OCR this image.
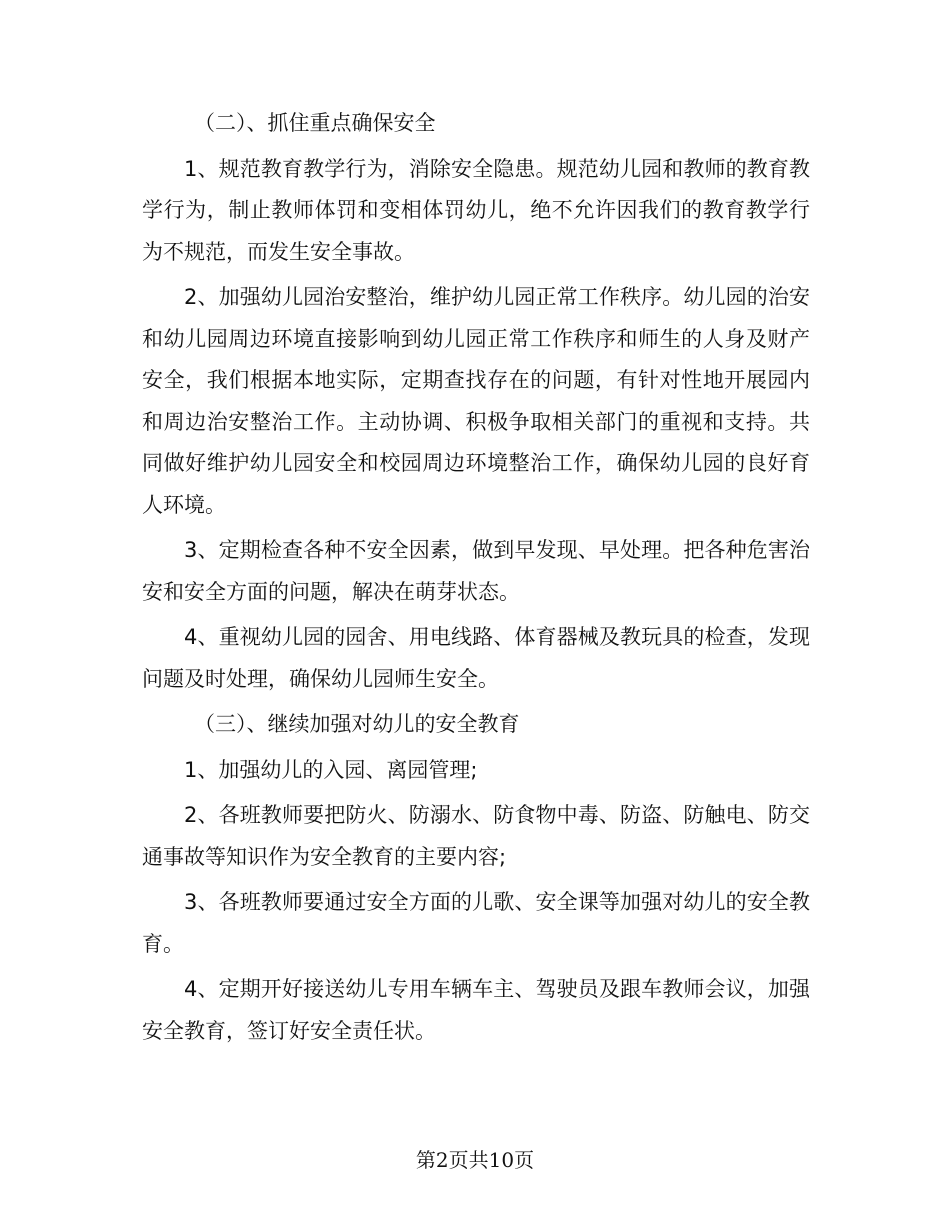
（二）、抓住重点确保安全

1、规范教育教学行为，消除安全隐患。规范幼儿园和教师的教育教学行为，制止教师体罚和变相体罚幼儿，绝不允许因我们的教育教学行为不规范，而发生安全事故。

2、加强幼儿园治安整治，维护幼儿园正常工作秩序。幼儿园的治安和幼儿园周边环境直接影响到幼儿园正常工作秩序和师生的人身及财产安全，我们根据本地实际，定期查找存在的问题，有针对性地开展园内和周边治安整治工作。主动协调、积极争取相关部门的重视和支持。共同做好维护幼儿园安全和校园周边环境整治工作，确保幼儿园的良好育人环境。

3、定期检查各种不安全因素，做到早发现、早处理。把各种危害治安和安全方面的问题，解决在萌芽状态。

4、重视幼儿园的园舍、用电线路、体育器械及教玩具的检查，发现问题及时处理，确保幼儿园师生安全。

（三）、继续加强对幼儿的安全教育

1、加强幼儿的入园、离园管理;

2、各班教师要把防火、防溺水、防食物中毒、防盗、防触电、防交通事故等知识作为安全教育的主要内容;

3、各班教师要通过安全方面的儿歌、安全课等加强对幼儿的安全教育。

4、定期开好接送幼儿专用车辆车主、驾驶员及跟车教师会议，加强安全教育，签订好安全责任状。

第2页共10页
